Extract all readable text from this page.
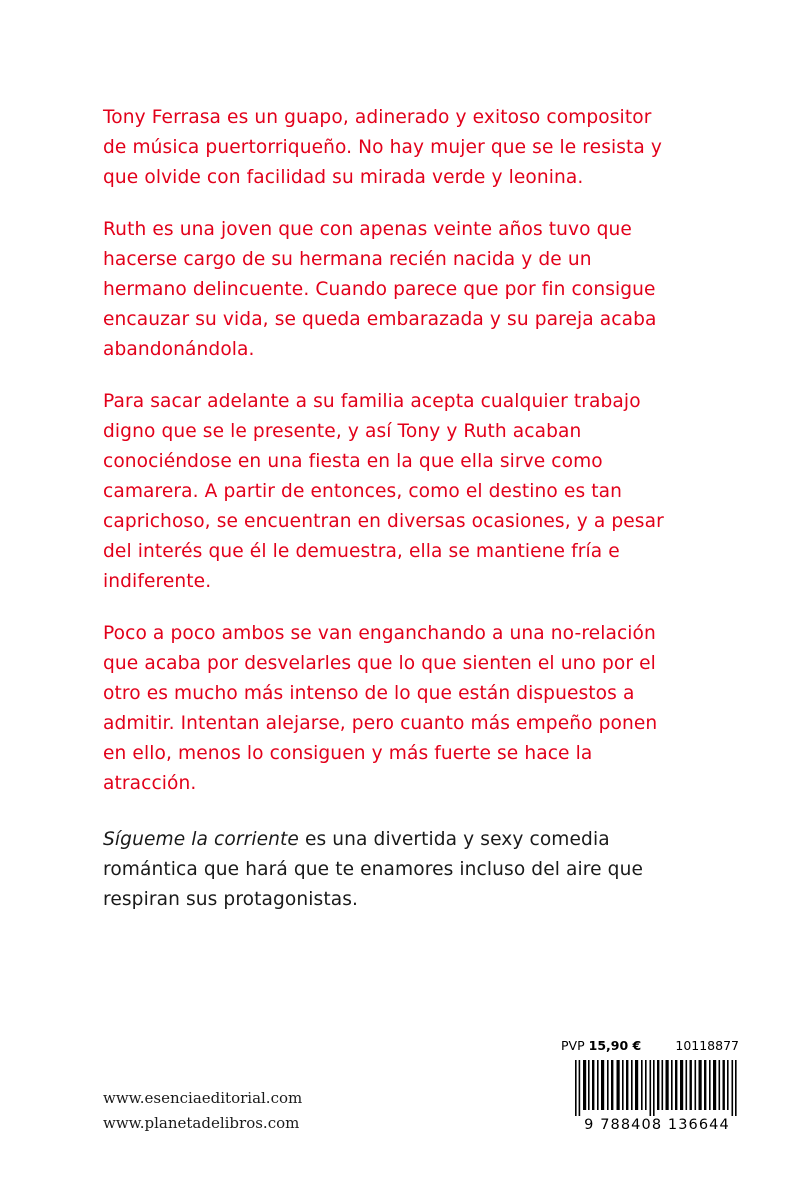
Tony Ferrasa es un guapo, adinerado y exitoso compositor de música puertorriqueño. No hay mujer que se le resista y que olvide con facilidad su mirada verde y leonina.

Ruth es una joven que con apenas veinte años tuvo que hacerse cargo de su hermana recién nacida y de un hermano delincuente. Cuando parece que por fin consigue encauzar su vida, se queda embarazada y su pareja acaba abandonándola.

Para sacar adelante a su familia acepta cualquier trabajo digno que se le presente, y así Tony y Ruth acaban conociéndose en una fiesta en la que ella sirve como camarera. A partir de entonces, como el destino es tan caprichoso, se encuentran en diversas ocasiones, y a pesar del interés que él le demuestra, ella se mantiene fría e indiferente.

Poco a poco ambos se van enganchando a una no-relación que acaba por desvelarles que lo que sienten el uno por el otro es mucho más intenso de lo que están dispuestos a admitir. Intentan alejarse, pero cuanto más empeño ponen en ello, menos lo consiguen y más fuerte se hace la atracción.

Sígueme la corriente es una divertida y sexy comedia romántica que hará que te enamores incluso del aire que respiran sus protagonistas.

www.esenciaeditorial.com
www.planetadelibros.com
PVP 15,90 €	10118877
9 788408 136644
